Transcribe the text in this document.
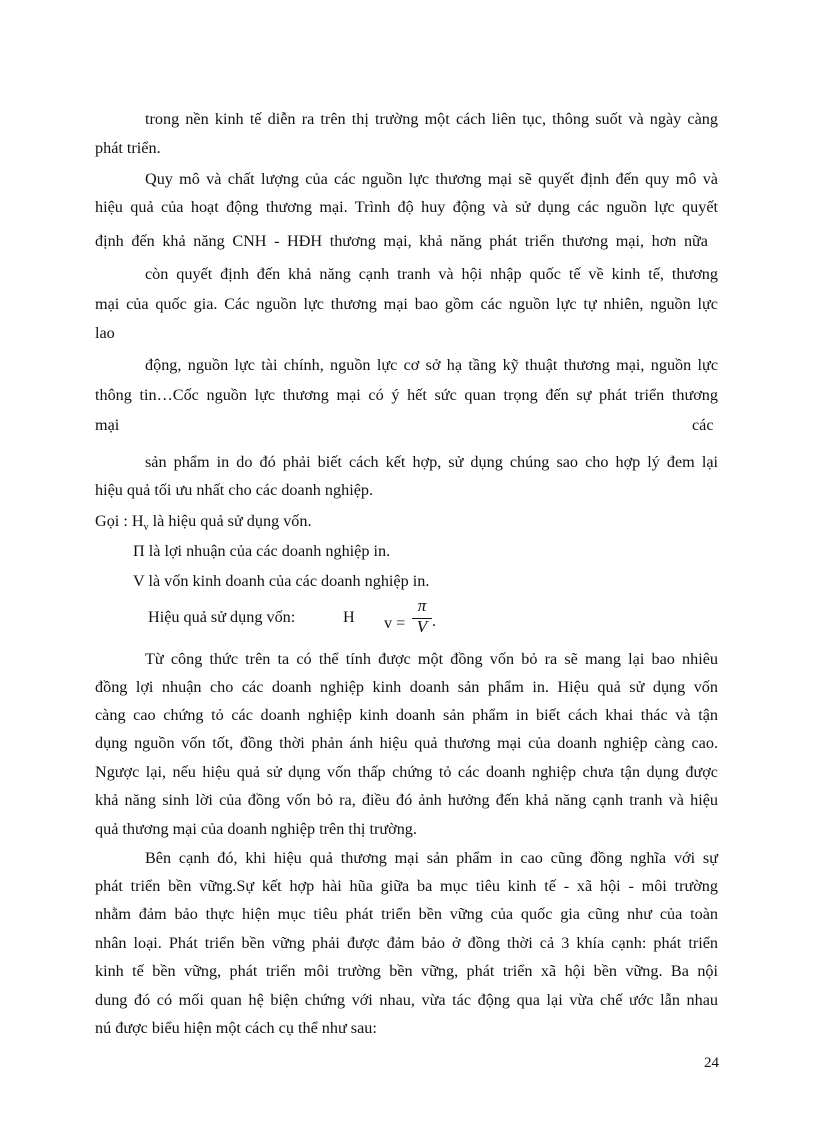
trong nền kinh tế diễn ra trên thị trường một cách liên tục, thông suốt và ngày càng
phát triển.
Quy mô và chất lượng của các nguồn lực thương mại sẽ quyết định đến quy mô và
hiệu quả của hoạt động thương mại. Trình độ huy động và sử dụng các nguồn lực quyết
định đến khả năng CNH - HĐH thương mại, khả năng phát triển thương mại, hơn nữa
còn quyết định đến khả năng cạnh tranh và hội nhập quốc tế về kinh tế, thương
mại của quốc gia. Các nguồn lực thương mại bao gồm các nguồn lực tự nhiên, nguồn lực
lao
động, nguồn lực tài chính, nguồn lực cơ sở hạ tầng kỹ thuật thương mại, nguồn lực
thông tin…Cốc nguồn lực thương mại có ý hết sức quan trọng đến sự phát triển thương
mại	các
sản phẩm in do đó phải biết cách kết hợp, sử dụng chúng sao cho hợp lý đem lại
hiệu quả tối ưu nhất cho các doanh nghiệp.
Gọi : $H_v$ là hiệu quả sử dụng vốn.
Π là lợi nhuận của các doanh nghiệp in.
V là vốn kinh doanh của các doanh nghiệp in.
Hiệu quả sử dụng vốn:	H v =
π
V .
Từ công thức trên ta có thể tính được một đồng vốn bỏ ra sẽ mang lại bao nhiêu
đồng lợi nhuận cho các doanh nghiệp kinh doanh sản phẩm in. Hiệu quả sử dụng vốn
càng cao chứng tỏ các doanh nghiệp kinh doanh sản phẩm in biết cách khai thác và tận
dụng nguồn vốn tốt, đồng thời phản ánh hiệu quả thương mại của doanh nghiệp càng cao.
Ngược lại, nếu hiệu quả sử dụng vốn thấp chứng tỏ các doanh nghiệp chưa tận dụng được
khả năng sinh lời của đồng vốn bỏ ra, điều đó ảnh hưởng đến khả năng cạnh tranh và hiệu
quả thương mại của doanh nghiệp trên thị trường.
Bên cạnh đó, khi hiệu quả thương mại sản phẩm in cao cũng đồng nghĩa với sự
phát triển bền vững.Sự kết hợp hài hũa giữa ba mục tiêu kinh tế - xã hội - môi trường
nhằm đảm bảo thực hiện mục tiêu phát triển bền vững của quốc gia cũng như của toàn
nhân loại. Phát triển bền vững phải được đảm bảo ở đồng thời cả 3 khía cạnh: phát triển
kinh tế bền vững, phát triển môi trường bền vững, phát triển xã hội bền vững. Ba nội
dung đó có mối quan hệ biện chứng với nhau, vừa tác động qua lại vừa chế ước lẫn nhau
nú được biểu hiện một cách cụ thể như sau:
24
